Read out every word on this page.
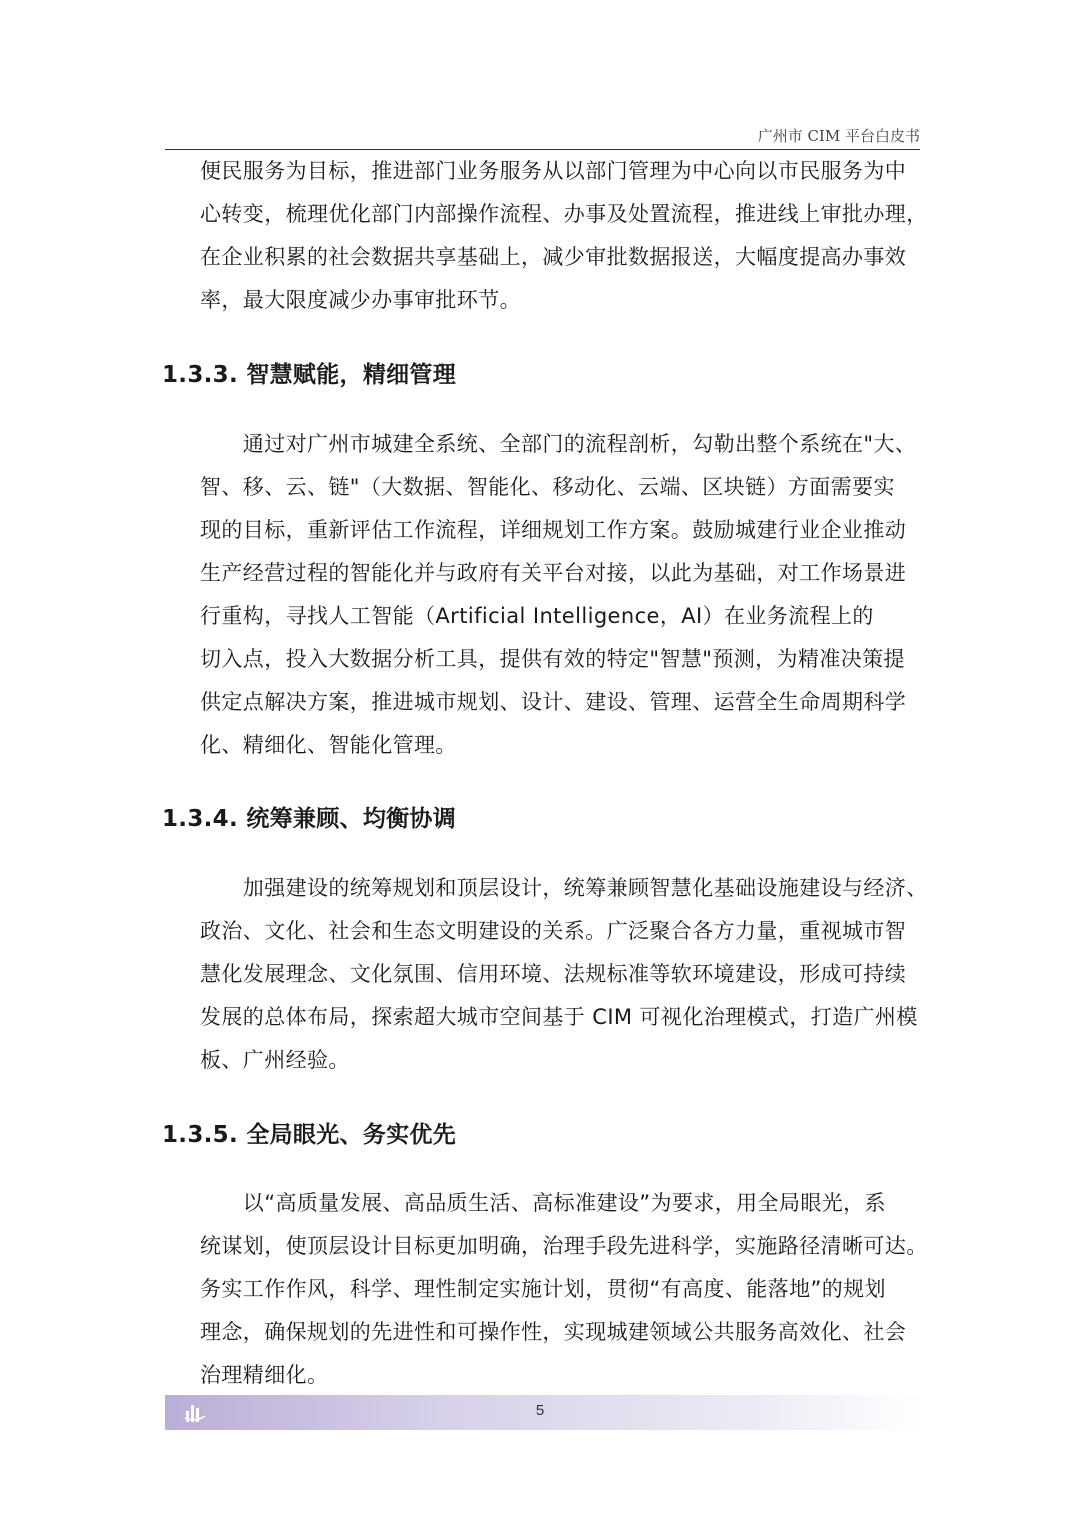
广州市 CIM 平台白皮书

便民服务为目标，推进部门业务服务从以部门管理为中心向以市民服务为中
心转变，梳理优化部门内部操作流程、办事及处置流程，推进线上审批办理，
在企业积累的社会数据共享基础上，减少审批数据报送，大幅度提高办事效
率，最大限度减少办事审批环节。

1.3.3. 智慧赋能，精细管理

　　通过对广州市城建全系统、全部门的流程剖析，勾勒出整个系统在"大、
智、移、云、链"（大数据、智能化、移动化、云端、区块链）方面需要实
现的目标，重新评估工作流程，详细规划工作方案。鼓励城建行业企业推动
生产经营过程的智能化并与政府有关平台对接，以此为基础，对工作场景进
行重构，寻找人工智能（Artificial Intelligence，AI）在业务流程上的
切入点，投入大数据分析工具，提供有效的特定"智慧"预测，为精准决策提
供定点解决方案，推进城市规划、设计、建设、管理、运营全生命周期科学
化、精细化、智能化管理。

1.3.4. 统筹兼顾、均衡协调

　　加强建设的统筹规划和顶层设计，统筹兼顾智慧化基础设施建设与经济、
政治、文化、社会和生态文明建设的关系。广泛聚合各方力量，重视城市智
慧化发展理念、文化氛围、信用环境、法规标准等软环境建设，形成可持续
发展的总体布局，探索超大城市空间基于 CIM 可视化治理模式，打造广州模
板、广州经验。

1.3.5. 全局眼光、务实优先

　　以“高质量发展、高品质生活、高标准建设”为要求，用全局眼光，系
统谋划，使顶层设计目标更加明确，治理手段先进科学，实施路径清晰可达。
务实工作作风，科学、理性制定实施计划，贯彻“有高度、能落地”的规划
理念，确保规划的先进性和可操作性，实现城建领域公共服务高效化、社会
治理精细化。

5
